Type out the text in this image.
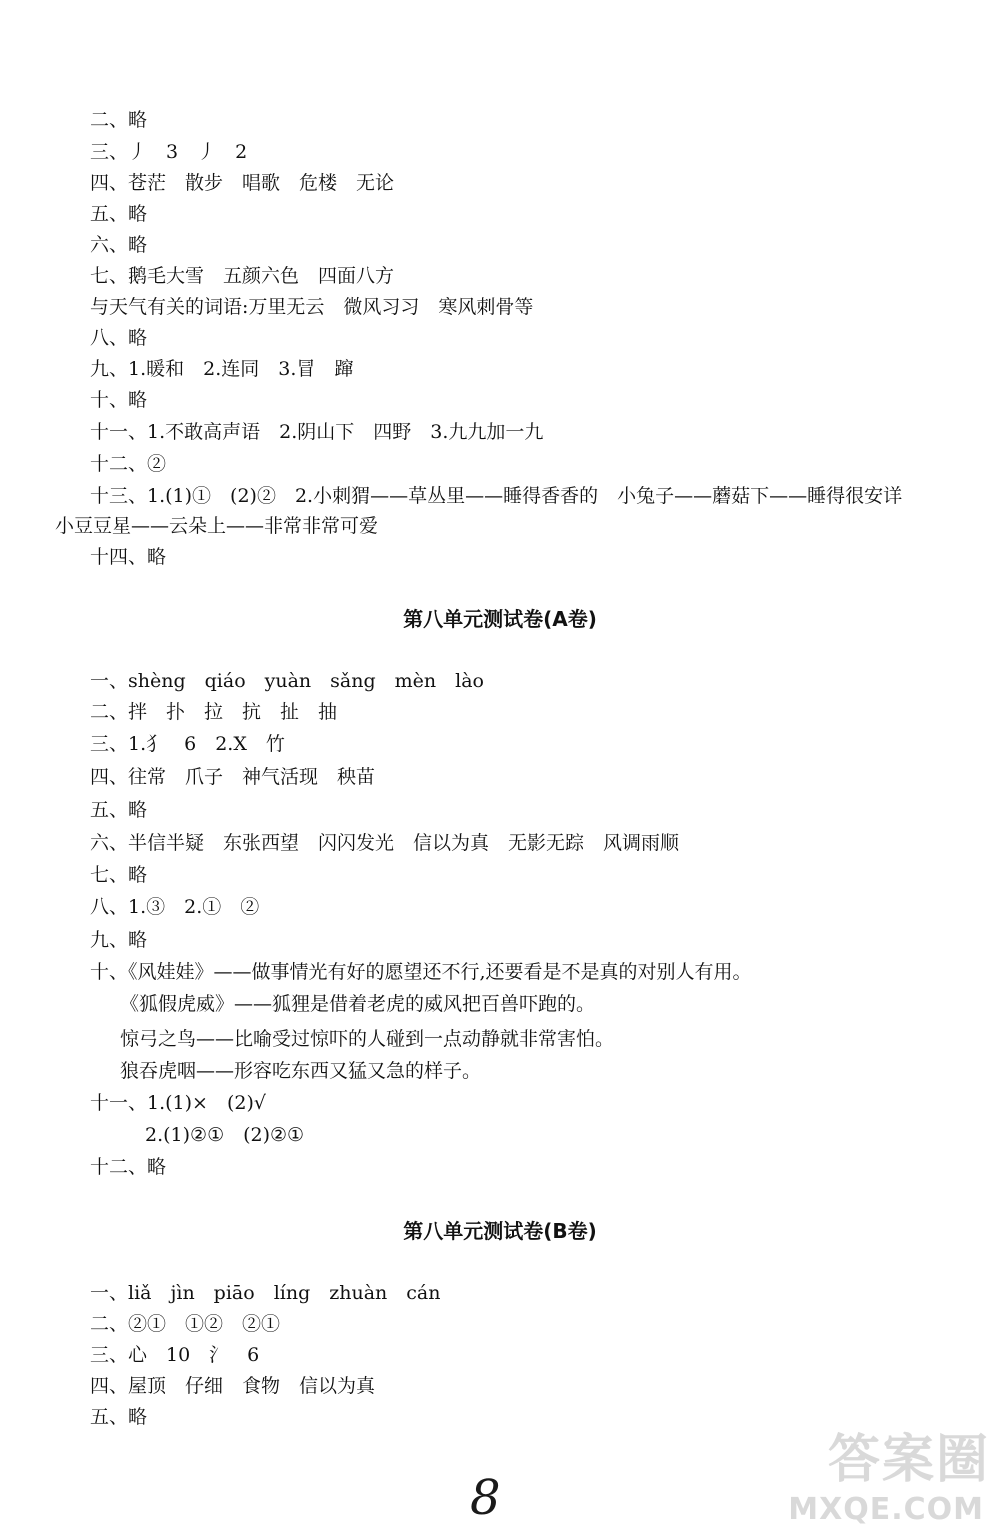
二、略
三、丿　3　丿　2
四、苍茫　散步　唱歌　危楼　无论
五、略
六、略
七、鹅毛大雪　五颜六色　四面八方
与天气有关的词语:万里无云　微风习习　寒风刺骨等
八、略
九、1.暖和　2.连同　3.冒　蹿
十、略
十一、1.不敢高声语　2.阴山下　四野　3.九九加一九
十二、②
十三、1.(1)①　(2)②　2.小刺猬——草丛里——睡得香香的　小兔子——蘑菇下——睡得很安详
小豆豆星——云朵上——非常非常可爱
十四、略
第八单元测试卷(A卷)
一、shèng　qiáo　yuàn　sǎng　mèn　lào
二、拌　扑　拉　抗　扯　抽
三、1.犭　6　2.X　竹
四、往常　爪子　神气活现　秧苗
五、略
六、半信半疑　东张西望　闪闪发光　信以为真　无影无踪　风调雨顺
七、略
八、1.③　2.①　②
九、略
十、《风娃娃》——做事情光有好的愿望还不行,还要看是不是真的对别人有用。
《狐假虎威》——狐狸是借着老虎的威风把百兽吓跑的。
惊弓之鸟——比喻受过惊吓的人碰到一点动静就非常害怕。
狼吞虎咽——形容吃东西又猛又急的样子。
十一、1.(1)×　(2)√
2.(1)②①　(2)②①
十二、略
第八单元测试卷(B卷)
一、liǎ　jìn　piāo　líng　zhuàn　cán
二、②①　①②　②①
三、心　10　氵　6
四、屋顶　仔细　食物　信以为真
五、略
8
答案圈
MXQE.COM
